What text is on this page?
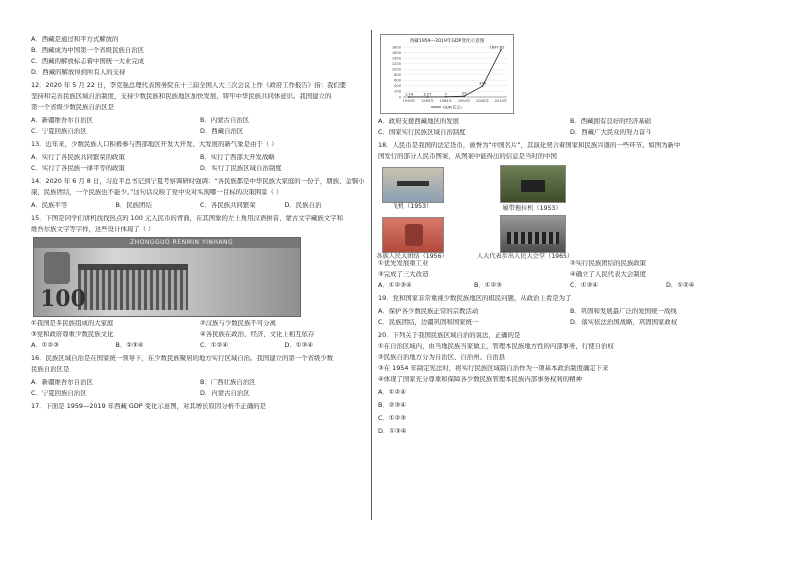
A．西藏是通过和平方式解放的
B．西藏成为中国第一个省级民族自治区
C．西藏的解放标志着中国统一大业完成
D．西藏的解放得到所有人的支持
12．2020 年 5 月 22 日，李克强总理代表国务院在十三届全国人大三次会议上作《政府工作报告》指：我们要
坚持和完善民族区域自治制度，支持少数民族和民族地区加快发展，铸牢中华民族共同体意识。我国建立的
第一个省级少数民族自治区是
A．新疆维吾尔自治区	B．内蒙古自治区
C．宁夏回族自治区	D．西藏自治区
13．近年来，少数民族人口积极参与西部地区开发大开发、大发展的新气象是由于（ ）
A．实行了各民族共同繁荣的政策	B．实行了西部大开发战略
C．实行了各民族一律平等的政策	D．实行了民族区域自治制度
14．2020 年 6 月 8 日，习近平总书记到宁夏考察调研时强调：“各民族都是中华民族大家庭的一份子，朋族、金铜小
康，民族团结，一个民族也不能少。”这句话反映了党中央对实现哪一目标的决策围景（ ）
A．民族平等	B．民族团结	C．各民族共同繁荣	D．民族自治
15．下图是同学们讲机找找热点的 100 元人民币的背面，在其图象的左上角用汉语拼音、蒙古文字藏族文字和
维吾尔族文字等字样，这些设计体现了（ ）
ZHONGGUO RENMIN YINHANG
100
①我国是多民族组成的大家庭	②汉族与少数民族不可分离
③党和政府尊重少数民族文化	④各民族在政治、经济、文化上相互依存
A．①②③	B．②③④	C．①②④	D．①③④
16．民族区域自治是在国家统一领导下，在少数民族聚居的地方实行区域自治。我国建立的第一个省级少数
民族自治区是
A．新疆维吾尔自治区	B．广西壮族自治区
C．宁夏回族自治区	D．内蒙古自治区
17．下面是 1959—2019 年西藏 GDP 变化示意图，对其增长原因分析不正确的是
西藏1959—2019年GDP变化示意图
1800
1600
1400
1200
1000
800
600
400
200
0
1959年 1965年 1984年 1994年 2008年 2019年
1.74	3.27	7	29
394
1697.82
GDP(亿元)
A．政府支援西藏地区的发展	B．西藏拥有良好的经济基础
C．国家实行民族区域自治制度	D．西藏广大民众的努力奋斗
18．人民币是我国的法定货币，被誉为“中国名片”，其演化契合着国家和民族兴盛的一些环节。如图为新中
国发行的部分人民币图案，从图案中能得出的信息是当时的中国
飞机（1953）	履带拖拉机（1953）
各族人民大团结（1956）	人大代表步出人民大会堂（1965）
①优先发展重工业	②实行民族团结的民族政策
③完成了三大改造	④确立了人民代表大会制度
A．①②③④	B．①②③	C．①③④	D．①②④
19．党和国家非常重视少数民族地区的棋民问题，从政治上看是为了
A．保护各少数民族正常的宗教活动	B．巩固和发展最广泛的爱国统一战线
C．民族团结，边疆巩固和国家统一	D．落实依法治国战略，巩固国家政权
20．下列关于我国民族区域自治的说法，正确的是
①在自治区域内，由当地民族当家做主，管理本民族地方性的内部事务，行使自治权
②民族自治地方分为自治区、自治州、自治县
③在 1954 年制定宪法时，将实行民族区域制自治作为一项基本政治制度确定下来
④体现了国家充分尊重和保障各少数民族管理本民族内部事务权利的精神
A．①②④
B．②③④
C．①②③
D．①③④
